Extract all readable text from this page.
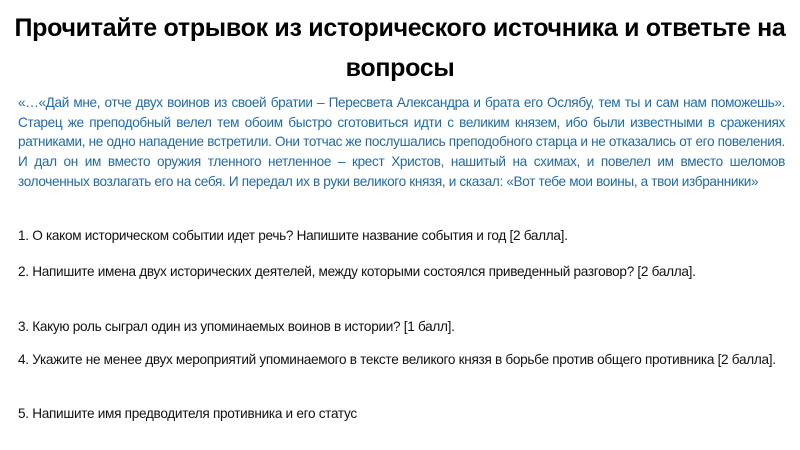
Прочитайте отрывок из исторического источника и ответьте на вопросы
«…«Дай мне, отче двух воинов из своей братии – Пересвета Александра и брата его Ослябу, тем ты и сам нам поможешь». Старец же преподобный велел тем обоим быстро сготовиться идти с великим князем, ибо были известными в сражениях ратниками, не одно нападение встретили. Они тотчас же послушались преподобного старца и не отказались от его повеления. И дал он им вместо оружия тленного нетленное – крест Христов, нашитый на схимах, и повелел им вместо шеломов золоченных возлагать его на себя. И передал их в руки великого князя, и сказал: «Вот тебе мои воины, а твои избранники»
1. О каком историческом событии идет речь? Напишите название события и год [2 балла].
2. Напишите имена двух исторических деятелей, между которыми состоялся приведенный разговор? [2 балла].
3. Какую роль сыграл один из упоминаемых воинов в истории? [1 балл].
4. Укажите не менее двух мероприятий упоминаемого в тексте великого князя в борьбе против общего противника [2 балла].
5. Напишите имя предводителя противника и его статус
